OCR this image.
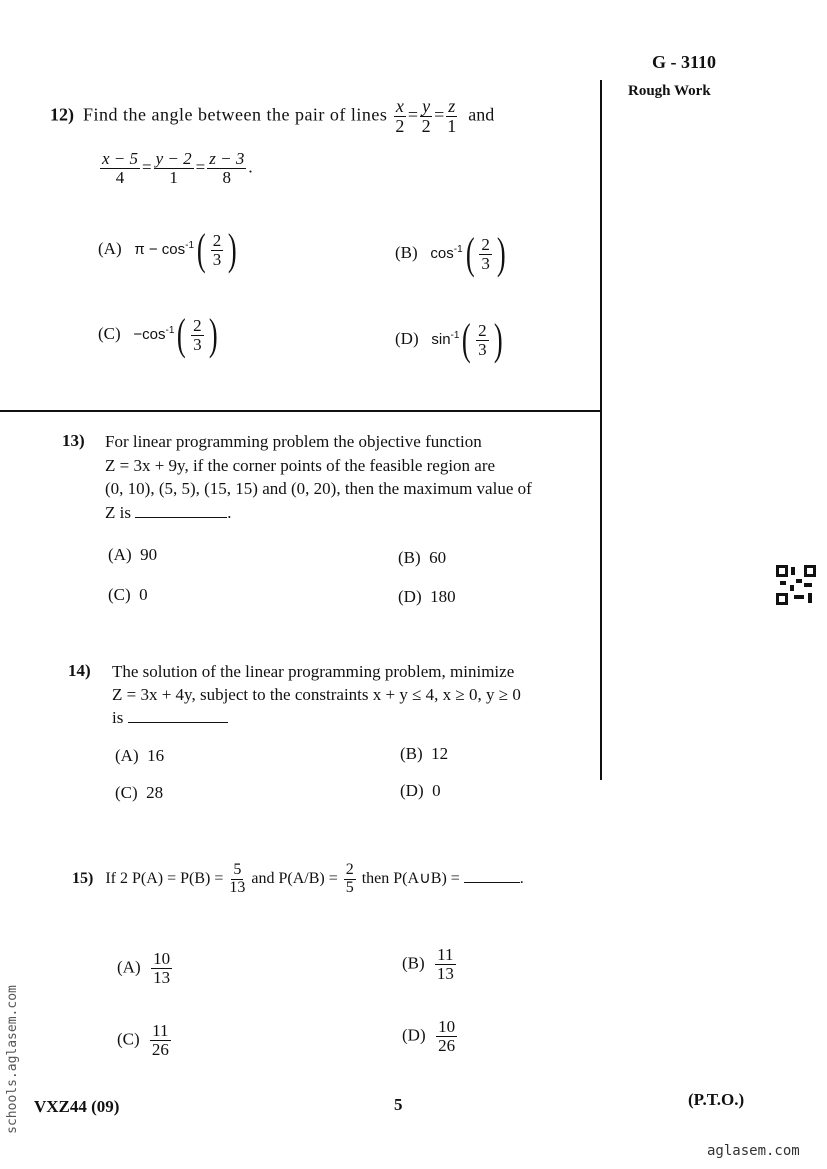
G - 3110
Rough Work
12) Find the angle between the pair of lines $\frac{x}{2} = \frac{y}{2} = \frac{z}{1}$ and
$\frac{x - 5}{4} = \frac{y - 2}{1} = \frac{z - 3}{8}$ .
(A) $\pi - \cos^{-1}$ ( $\frac{2}{3}$ )	(B) $\cos^{-1}$ ( $\frac{2}{3}$ )
$(C) -\cos^{-1}$ ( $\frac{2}{3}$ )	(D) $\sin^{-1}$ ( $\frac{2}{3}$ )
13) For linear programming problem the objective function
Z = 3x + 9y, if the corner points of the feasible region are
(0, 10), (5, 5), (15, 15) and (0, 20), then the maximum value of
Z is	.
(A) 90	(B) 60
(C) 0	(D) 180
14) The solution of the linear programming problem, minimize
Z = 3x + 4y, subject to the constraints x + y ≤ 4, x ≥ 0, y ≥ 0
is
(A) 16	(B) 12
(C) 28	(D) 0
15) If 2 $P(A) = P(B) = \frac{5}{13}$ and $P(A/B) = \frac{2}{5}$ then P(A∪B) =	.
$(A) \frac{10}{13}$	$(B) \frac{11}{13}$
$(C) \frac{11}{26}$	$(D) \frac{10}{26}$
VXZ44 (09)	5	(P.T.O.)
aglasem.com
schools.aglasem.com
